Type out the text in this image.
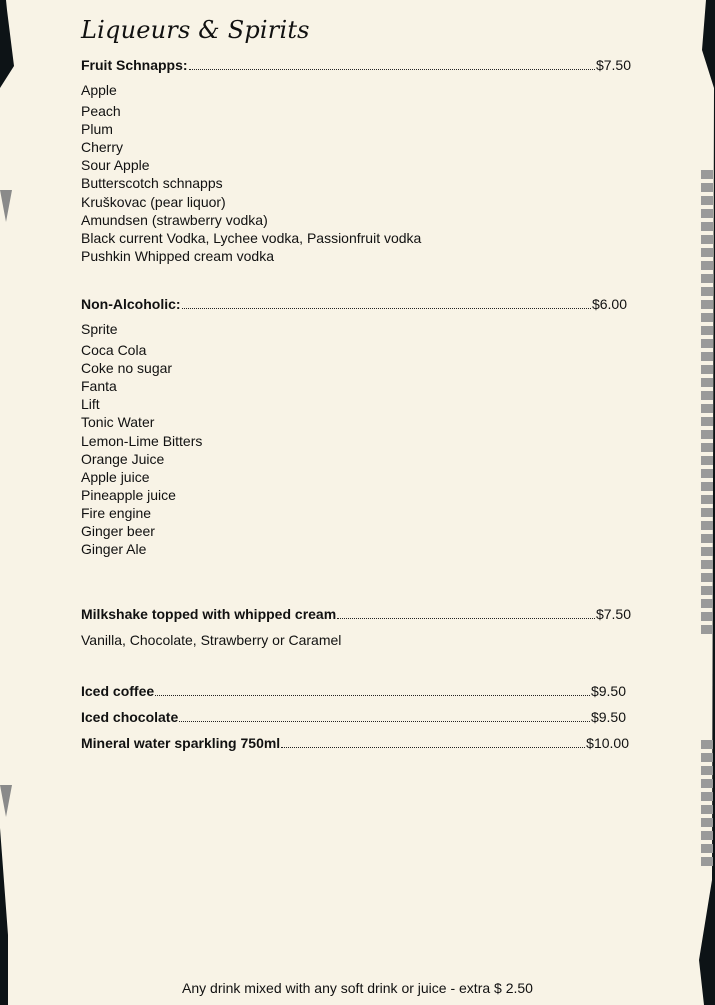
Liqueurs & Spirits
Fruit Schnapps:	$7.50
Apple
Peach
Plum
Cherry
Sour Apple
Butterscotch schnapps
Kruškovac (pear liquor)
Amundsen (strawberry vodka)
Black current Vodka, Lychee vodka, Passionfruit vodka
Pushkin Whipped cream vodka
Non-Alcoholic:	$6.00
Sprite
Coca Cola
Coke no sugar
Fanta
Lift
Tonic Water
Lemon-Lime Bitters
Orange Juice
Apple juice
Pineapple juice
Fire engine
Ginger beer
Ginger Ale
Milkshake topped with whipped cream	$7.50
Vanilla, Chocolate, Strawberry or Caramel
Iced coffee	$9.50
Iced chocolate	$9.50
Mineral water sparkling 750ml	$10.00
Any drink mixed with any soft drink or juice - extra $ 2.50
